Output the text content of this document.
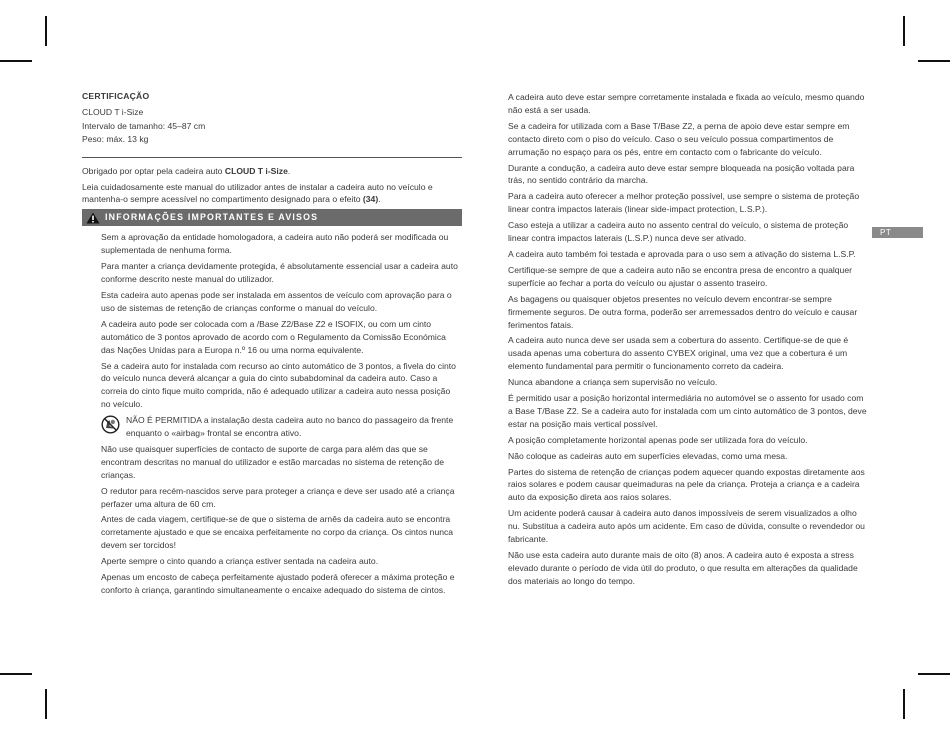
CERTIFICAÇÃO
CLOUD T i-Size
Intervalo de tamanho: 45–87 cm
Peso: máx. 13 kg

Obrigado por optar pela cadeira auto CLOUD T i-Size.

Leia cuidadosamente este manual do utilizador antes de instalar a cadeira auto no veículo e mantenha-o sempre acessível no compartimento designado para o efeito (34).

INFORMAÇÕES IMPORTANTES E AVISOS

Sem a aprovação da entidade homologadora, a cadeira auto não poderá ser modificada ou suplementada de nenhuma forma.

Para manter a criança devidamente protegida, é absolutamente essencial usar a cadeira auto conforme descrito neste manual do utilizador.

Esta cadeira auto apenas pode ser instalada em assentos de veículo com aprovação para o uso de sistemas de retenção de crianças conforme o manual do veículo.

A cadeira auto pode ser colocada com a /Base Z2/Base Z2 e ISOFIX, ou com um cinto automático de 3 pontos aprovado de acordo com o Regulamento da Comissão Económica das Nações Unidas para a Europa n.º 16 ou uma norma equivalente.

Se a cadeira auto for instalada com recurso ao cinto automático de 3 pontos, a fivela do cinto do veículo nunca deverá alcançar a guia do cinto subabdominal da cadeira auto. Caso a correia do cinto fique muito comprida, não é adequado utilizar a cadeira auto nessa posição no veículo.

NÃO É PERMITIDA a instalação desta cadeira auto no banco do passageiro da frente enquanto o «airbag» frontal se encontra ativo.

Não use quaisquer superfícies de contacto de suporte de carga para além das que se encontram descritas no manual do utilizador e estão marcadas no sistema de retenção de crianças.

O redutor para recém-nascidos serve para proteger a criança e deve ser usado até a criança perfazer uma altura de 60 cm.

Antes de cada viagem, certifique-se de que o sistema de arnês da cadeira auto se encontra corretamente ajustado e que se encaixa perfeitamente no corpo da criança. Os cintos nunca devem ser torcidos!

Aperte sempre o cinto quando a criança estiver sentada na cadeira auto.

Apenas um encosto de cabeça perfeitamente ajustado poderá oferecer a máxima proteção e conforto à criança, garantindo simultaneamente o encaixe adequado do sistema de cintos.

A cadeira auto deve estar sempre corretamente instalada e fixada ao veículo, mesmo quando não está a ser usada.

Se a cadeira for utilizada com a Base T/Base Z2, a perna de apoio deve estar sempre em contacto direto com o piso do veículo. Caso o seu veículo possua compartimentos de arrumação no espaço para os pés, entre em contacto com o fabricante do veículo.

Durante a condução, a cadeira auto deve estar sempre bloqueada na posição voltada para trás, no sentido contrário da marcha.

Para a cadeira auto oferecer a melhor proteção possível, use sempre o sistema de proteção linear contra impactos laterais (linear side-impact protection, L.S.P.).

Caso esteja a utilizar a cadeira auto no assento central do veículo, o sistema de proteção linear contra impactos laterais (L.S.P.) nunca deve ser ativado.

A cadeira auto também foi testada e aprovada para o uso sem a ativação do sistema L.S.P.

Certifique-se sempre de que a cadeira auto não se encontra presa de encontro a qualquer superfície ao fechar a porta do veículo ou ajustar o assento traseiro.

As bagagens ou quaisquer objetos presentes no veículo devem encontrar-se sempre firmemente seguros. De outra forma, poderão ser arremessados dentro do veículo e causar ferimentos fatais.

A cadeira auto nunca deve ser usada sem a cobertura do assento. Certifique-se de que é usada apenas uma cobertura do assento CYBEX original, uma vez que a cobertura é um elemento fundamental para permitir o funcionamento correto da cadeira.

Nunca abandone a criança sem supervisão no veículo.

É permitido usar a posição horizontal intermediária no automóvel se o assento for usado com a Base T/Base Z2. Se a cadeira auto for instalada com um cinto automático de 3 pontos, deve estar na posição mais vertical possível.

A posição completamente horizontal apenas pode ser utilizada fora do veículo.

Não coloque as cadeiras auto em superfícies elevadas, como uma mesa.

Partes do sistema de retenção de crianças podem aquecer quando expostas diretamente aos raios solares e podem causar queimaduras na pele da criança. Proteja a criança e a cadeira auto da exposição direta aos raios solares.

Um acidente poderá causar à cadeira auto danos impossíveis de serem visualizados a olho nu. Substitua a cadeira auto após um acidente. Em caso de dúvida, consulte o revendedor ou fabricante.

Não use esta cadeira auto durante mais de oito (8) anos. A cadeira auto é exposta a stress elevado durante o período de vida útil do produto, o que resulta em alterações da qualidade dos materiais ao longo do tempo.

PT
